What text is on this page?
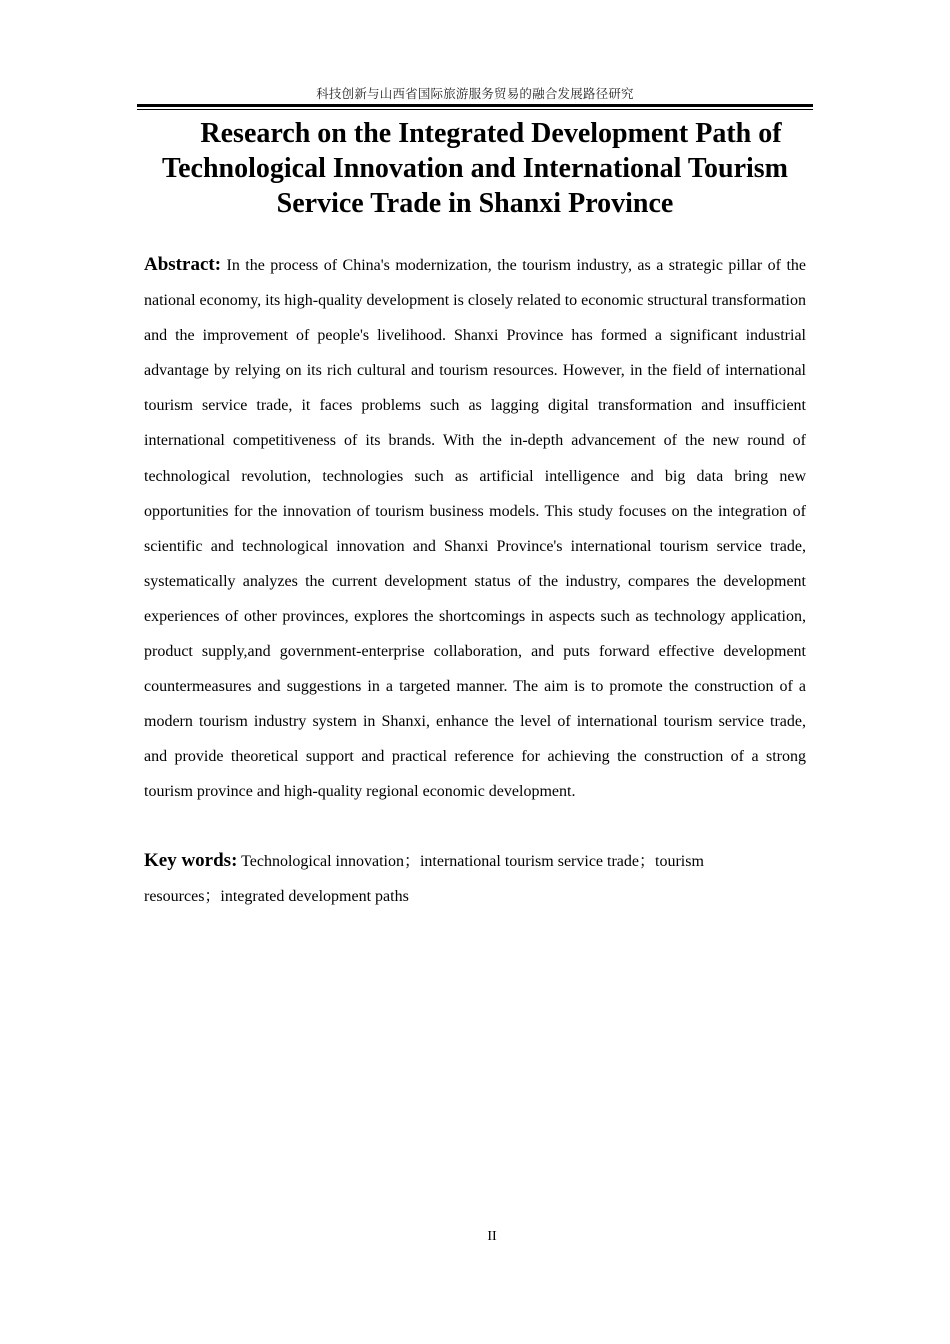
科技创新与山西省国际旅游服务贸易的融合发展路径研究
Research on the Integrated Development Path of Technological Innovation and International Tourism Service Trade in Shanxi Province

Abstract: In the process of China's modernization, the tourism industry, as a strategic pillar of the national economy, its high-quality development is closely related to economic structural transformation and the improvement of people's livelihood. Shanxi Province has formed a significant industrial advantage by relying on its rich cultural and tourism resources. However, in the field of international tourism service trade, it faces problems such as lagging digital transformation and insufficient international competitiveness of its brands. With the in-depth advancement of the new round of technological revolution, technologies such as artificial intelligence and big data bring new opportunities for the innovation of tourism business models. This study focuses on the integration of scientific and technological innovation and Shanxi Province's international tourism service trade, systematically analyzes the current development status of the industry, compares the development experiences of other provinces, explores the shortcomings in aspects such as technology application, product supply,and government-enterprise collaboration, and puts forward effective development countermeasures and suggestions in a targeted manner. The aim is to promote the construction of a modern tourism industry system in Shanxi, enhance the level of international tourism service trade, and provide theoretical support and practical reference for achieving the construction of a strong tourism province and high-quality regional economic development.

Key words: Technological innovation；international tourism service trade；tourism resources；integrated development paths

II
